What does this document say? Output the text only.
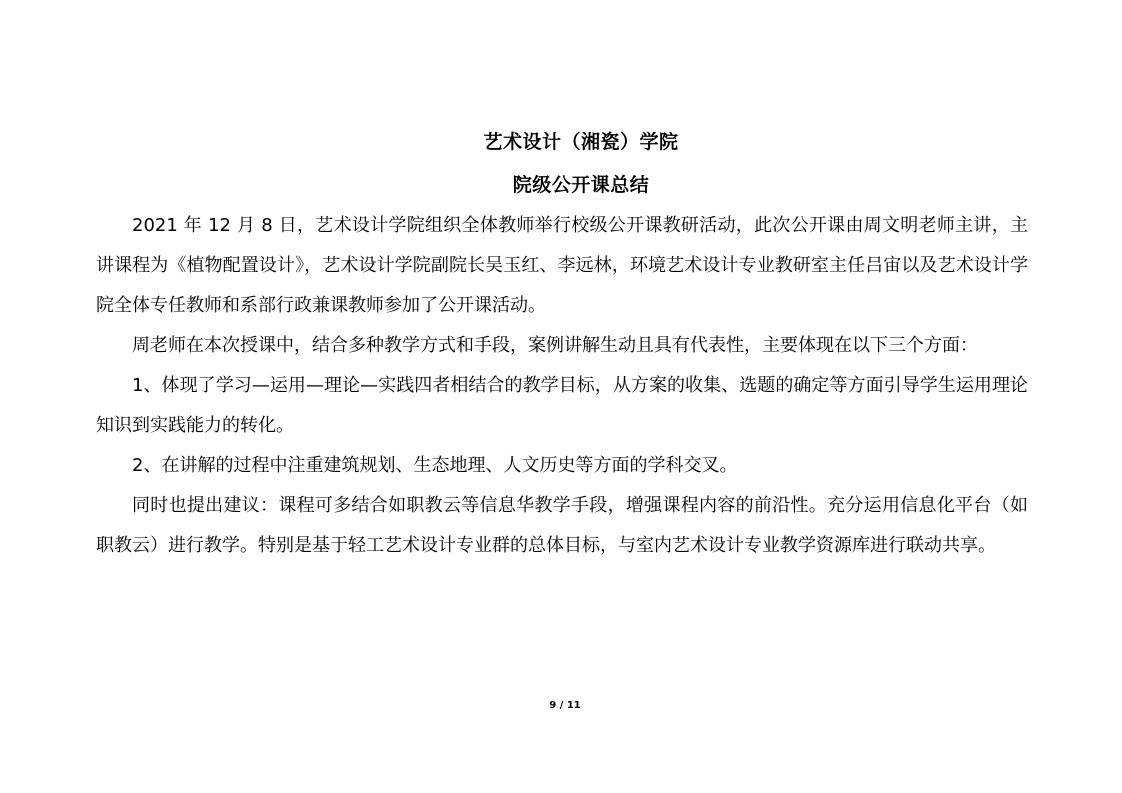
艺术设计（湘瓷）学院
院级公开课总结

2021 年 12 月 8 日，艺术设计学院组织全体教师举行校级公开课教研活动，此次公开课由周文明老师主讲，主讲课程为《植物配置设计》，艺术设计学院副院长吴玉红、李远林，环境艺术设计专业教研室主任吕宙以及艺术设计学院全体专任教师和系部行政兼课教师参加了公开课活动。

周老师在本次授课中，结合多种教学方式和手段，案例讲解生动且具有代表性，主要体现在以下三个方面：

1、体现了学习—运用—理论—实践四者相结合的教学目标，从方案的收集、选题的确定等方面引导学生运用理论知识到实践能力的转化。

2、在讲解的过程中注重建筑规划、生态地理、人文历史等方面的学科交叉。

同时也提出建议：课程可多结合如职教云等信息华教学手段，增强课程内容的前沿性。充分运用信息化平台（如职教云）进行教学。特别是基于轻工艺术设计专业群的总体目标，与室内艺术设计专业教学资源库进行联动共享。

9 / 11
